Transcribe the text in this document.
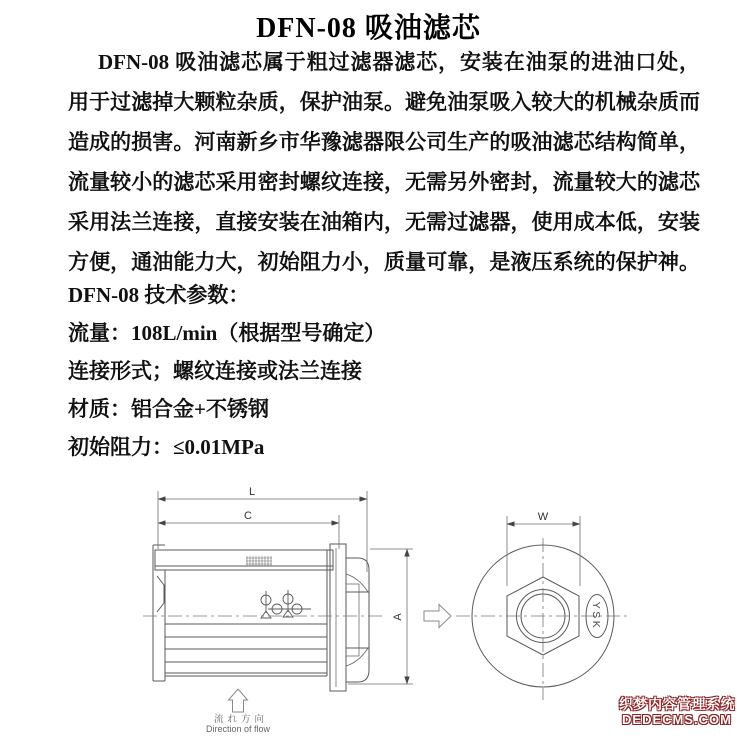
DFN-08 吸油滤芯
DFN-08 吸油滤芯属于粗过滤器滤芯，安装在油泵的进油口处，
用于过滤掉大颗粒杂质，保护油泵。避免油泵吸入较大的机械杂质而
造成的损害。河南新乡市华豫滤器限公司生产的吸油滤芯结构简单，
流量较小的滤芯采用密封螺纹连接，无需另外密封，流量较大的滤芯
采用法兰连接，直接安装在油箱内，无需过滤器，使用成本低，安装
方便，通油能力大，初始阻力小，质量可靠，是液压系统的保护神。
DFN-08 技术参数：
流量：108L/min（根据型号确定）
连接形式；螺纹连接或法兰连接
材质：铝合金+不锈钢
初始阻力：≤0.01MPa
L
C
A
流れ方向
Direction of flow
YSK
W
织梦内容管理系统
DEDECMS.COM
